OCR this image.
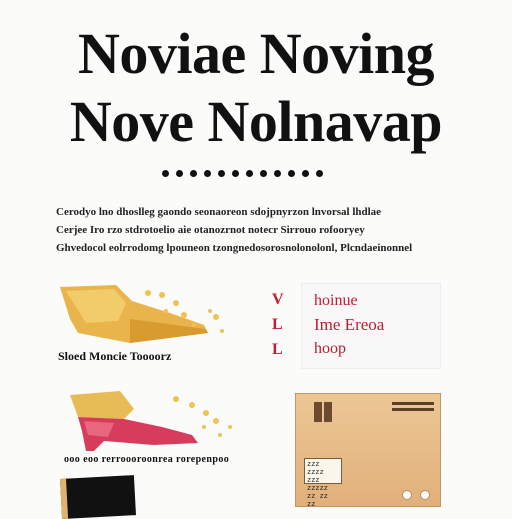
Noviae Noving
Nove Nolnavap
Cerodyo lno dhoslleg gaondo seonaoreon sdojpnyrzon lnvorsal lhdlae
Cerjee Iro rzo stdrotoelio aie otanozrnot notecr Sirrouo rofooryey
Ghvedocol eolrrodomg lpouneon tzongnedosorosnolonolonl, Plcndaeinonnel
Sloed Moncie Toooorz
ooo eoo rerroooroonrea rorepenpoo
V
L
L
hoinue
Ime Ereoa
hoop
zzz zzzz zzz zzzzz zz zz zz
